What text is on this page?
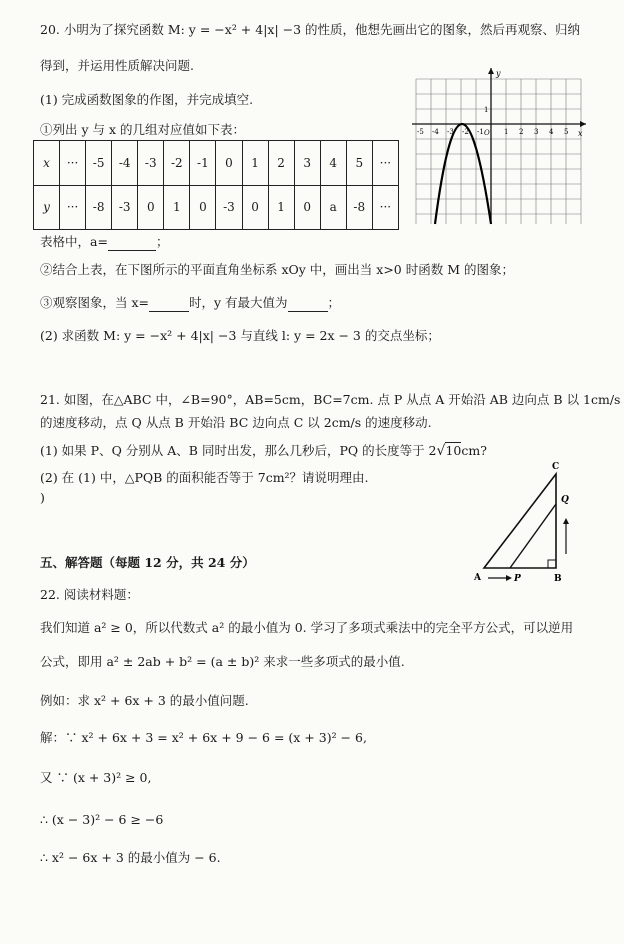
20. 小明为了探究函数 M: y = −x² + 4|x| −3 的性质，他想先画出它的图象，然后再观察、归纳
得到，并运用性质解决问题.
(1) 完成函数图象的作图，并完成填空.
①列出 y 与 x 的几组对应值如下表：
x	···	-5	-4	-3	-2	-1	0	1	2	3	4	5	···
y	···	-8	-3	0	1	0	-3	0	1	0	a	-8	···
y
x
-5 -4 -3 -2 -1 O 1 2 3 4 5
1
表格中，a=	；
②结合上表，在下图所示的平面直角坐标系 xOy 中，画出当 x>0 时函数 M 的图象；
③观察图象，当 x=	时，y 有最大值为	；
(2) 求函数 M: y = −x² + 4|x| −3 与直线 l: y = 2x − 3 的交点坐标；
21. 如图，在△ABC 中，∠B=90°，AB=5cm，BC=7cm. 点 P 从点 A 开始沿 AB 边向点 B 以 1cm/s
的速度移动，点 Q 从点 B 开始沿 BC 边向点 C 以 2cm/s 的速度移动.
(1) 如果 P、Q 分别从 A、B 同时出发，那么几秒后，PQ 的长度等于 2√10cm?
(2) 在 (1) 中，△PQB 的面积能否等于 7cm²？请说明理由.
)
C
Q
A	P	B
五、解答题（每题 12 分，共 24 分）
22. 阅读材料题：
我们知道 a² ≥ 0，所以代数式 a² 的最小值为 0. 学习了多项式乘法中的完全平方公式，可以逆用
公式，即用 a² ± 2ab + b² = (a ± b)² 来求一些多项式的最小值.
例如：求 x² + 6x + 3 的最小值问题.
解：∵ x² + 6x + 3 = x² + 6x + 9 − 6 = (x + 3)² − 6,
又 ∵ (x + 3)² ≥ 0,
∴ (x − 3)² − 6 ≥ −6
∴ x² − 6x + 3 的最小值为 − 6.
